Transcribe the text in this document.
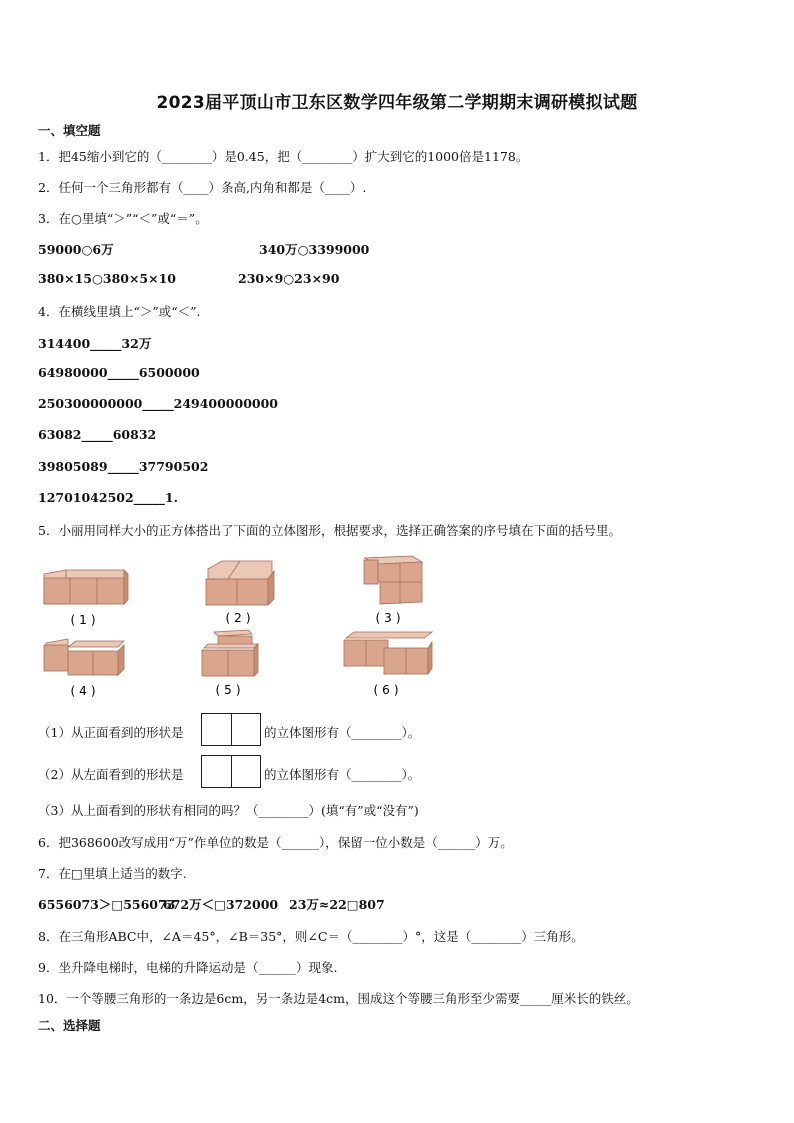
2023届平顶山市卫东区数学四年级第二学期期末调研模拟试题
一、填空题
1．把45缩小到它的（________）是0.45，把（________）扩大到它的1000倍是1178。
2．任何一个三角形都有（____）条高,内角和都是（____）.
3．在○里填“＞”“＜”或“＝”。
59000○6万	340万○3399000
380×15○380×5×10	230×9○23×90
4．在横线里填上“＞”或“＜”.
314400_____32万
64980000_____6500000
250300000000_____249400000000
63082_____60832
39805089_____37790502
12701042502_____1.
5．小丽用同样大小的正方体搭出了下面的立体图形，根据要求，选择正确答案的序号填在下面的括号里。
(1)	(2)	(3)
(4)	(5)	(6)
（1）从正面看到的形状是	的立体图形有（________）。
（2）从左面看到的形状是	的立体图形有（________）。
（3）从上面看到的形状有相同的吗？（________）(填“有”或“没有”)
6．把368600改写成用“万”作单位的数是（______），保留一位小数是（______）万。
7．在□里填上适当的数字.
6556073＞□556073
672万＜□372000 23万≈22□807
8．在三角形ABC中，∠A＝45°，∠B＝35°，则∠C＝（________）°，这是（________）三角形。
9．坐升降电梯时，电梯的升降运动是（______）现象.
10．一个等腰三角形的一条边是6cm，另一条边是4cm，围成这个等腰三角形至少需要_____厘米长的铁丝。
二、选择题
